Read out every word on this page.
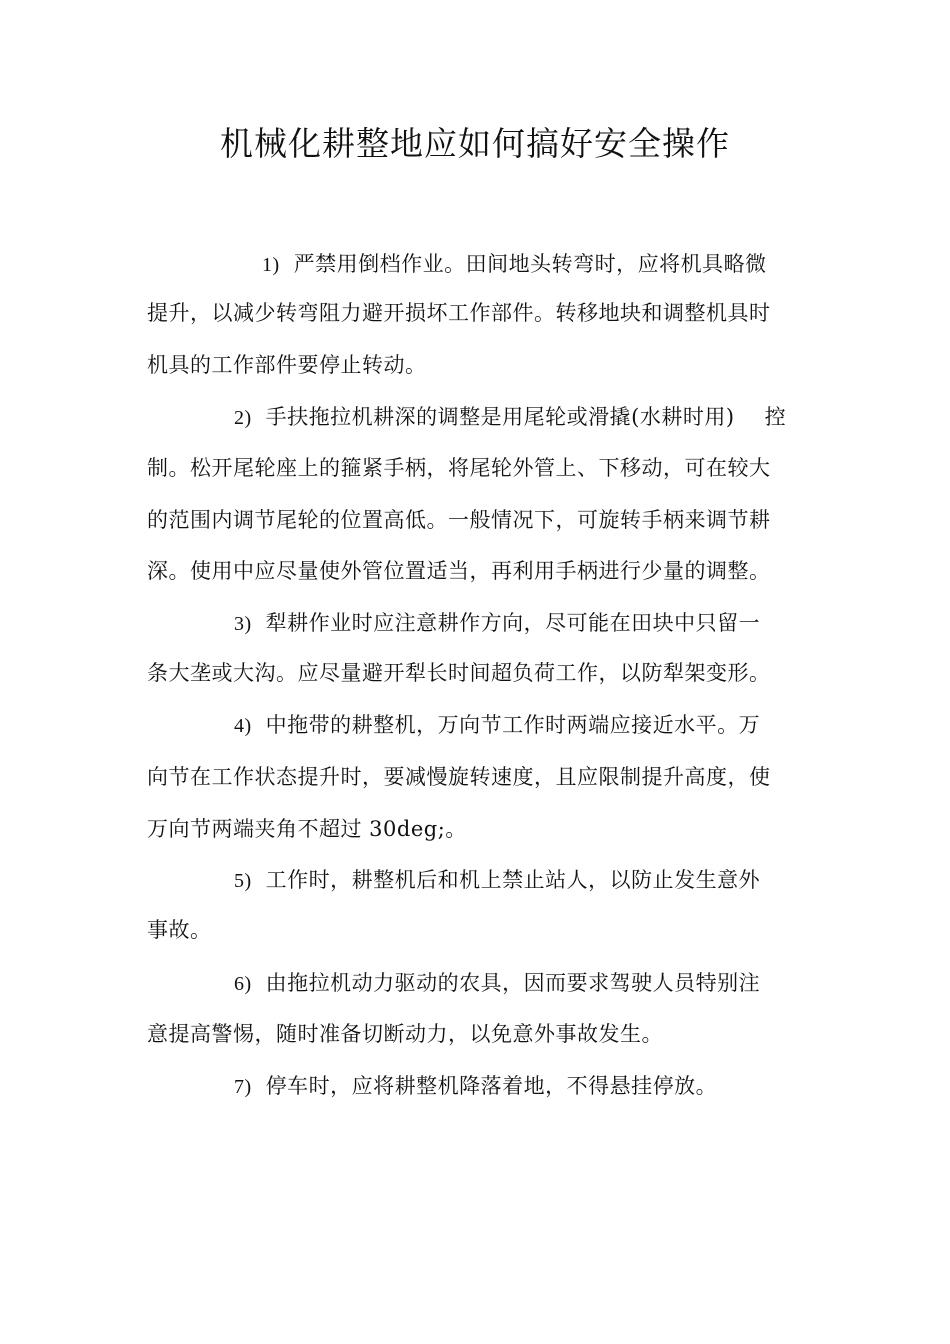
机械化耕整地应如何搞好安全操作
1) 严禁用倒档作业。田间地头转弯时，应将机具略微
提升，以减少转弯阻力避开损坏工作部件。转移地块和调整机具时
机具的工作部件要停止转动。
2) 手扶拖拉机耕深的调整是用尾轮或滑撬(水耕时用) 控
制。松开尾轮座上的箍紧手柄，将尾轮外管上、下移动，可在较大
的范围内调节尾轮的位置高低。一般情况下，可旋转手柄来调节耕
深。使用中应尽量使外管位置适当，再利用手柄进行少量的调整。
3) 犁耕作业时应注意耕作方向，尽可能在田块中只留一
条大垄或大沟。应尽量避开犁长时间超负荷工作，以防犁架变形。
4) 中拖带的耕整机，万向节工作时两端应接近水平。万
向节在工作状态提升时，要减慢旋转速度，且应限制提升高度，使
万向节两端夹角不超过 30deg;。
5) 工作时，耕整机后和机上禁止站人，以防止发生意外
事故。
6) 由拖拉机动力驱动的农具，因而要求驾驶人员特别注
意提高警惕，随时准备切断动力，以免意外事故发生。
7) 停车时，应将耕整机降落着地，不得悬挂停放。
